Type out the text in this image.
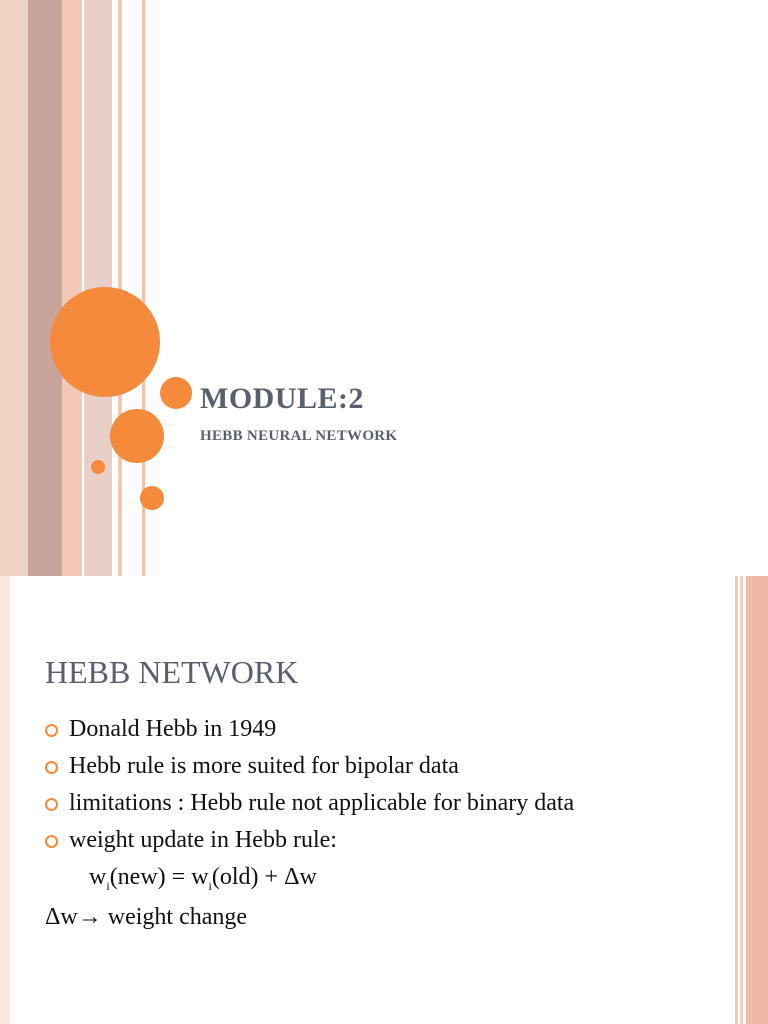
MODULE:2
HEBB NEURAL NETWORK
HEBB NETWORK
Donald Hebb in 1949
Hebb rule is more suited for bipolar data
limitations : Hebb rule not applicable for binary data
weight update in Hebb rule:
$w_i(new) = w_i(old) + \Delta w$
Δw→ weight change
